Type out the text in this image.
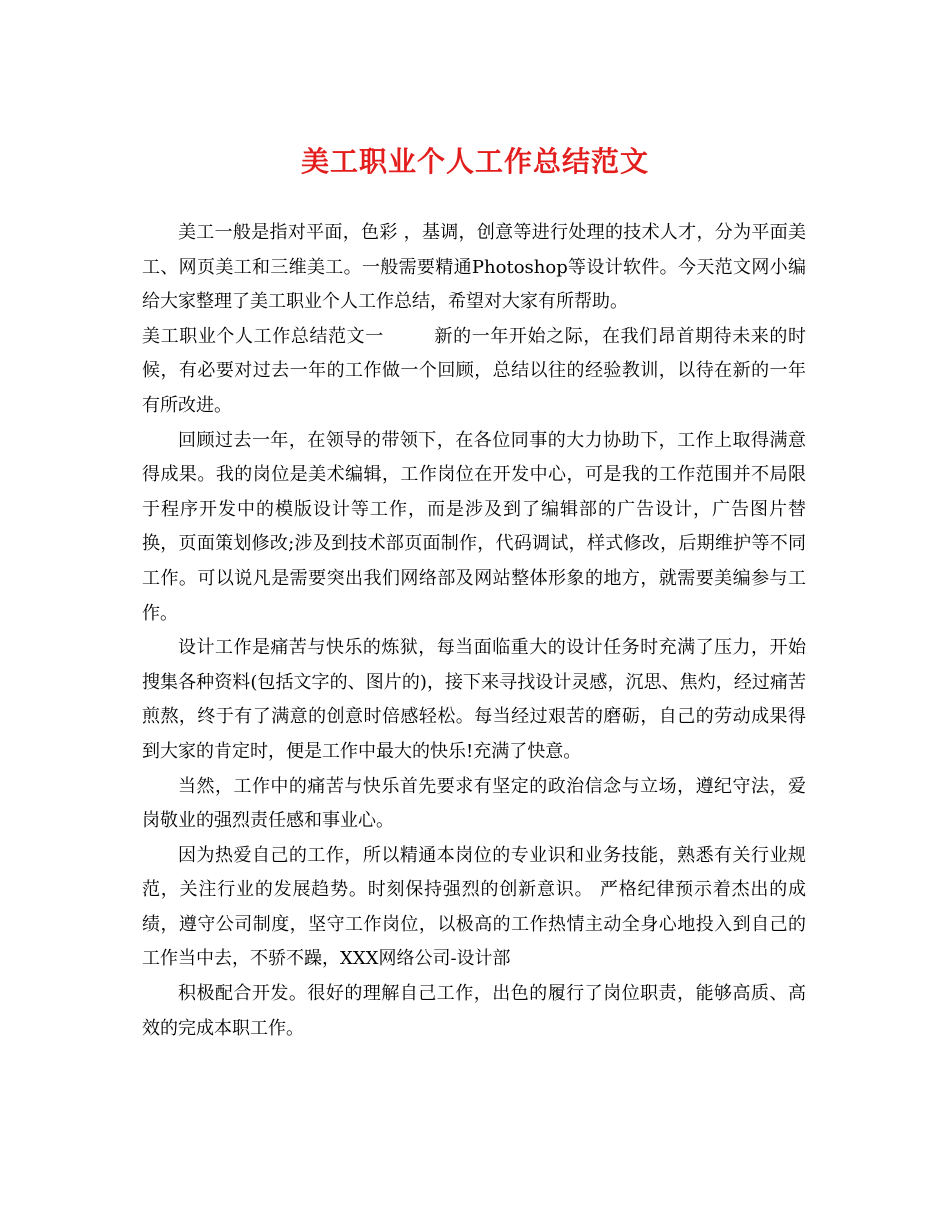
美工职业个人工作总结范文

美工一般是指对平面，色彩 ，基调，创意等进行处理的技术人才，分为平面美工、网页美工和三维美工。一般需要精通Photoshop等设计软件。今天范文网小编给大家整理了美工职业个人工作总结，希望对大家有所帮助。

美工职业个人工作总结范文一	新的一年开始之际，在我们昂首期待未来的时候，有必要对过去一年的工作做一个回顾，总结以往的经验教训，以待在新的一年有所改进。

回顾过去一年，在领导的带领下，在各位同事的大力协助下，工作上取得满意得成果。我的岗位是美术编辑，工作岗位在开发中心，可是我的工作范围并不局限于程序开发中的模版设计等工作，而是涉及到了编辑部的广告设计，广告图片替换，页面策划修改;涉及到技术部页面制作，代码调试，样式修改，后期维护等不同工作。可以说凡是需要突出我们网络部及网站整体形象的地方，就需要美编参与工作。

设计工作是痛苦与快乐的炼狱，每当面临重大的设计任务时充满了压力，开始搜集各种资料(包括文字的、图片的)，接下来寻找设计灵感，沉思、焦灼，经过痛苦煎熬，终于有了满意的创意时倍感轻松。每当经过艰苦的磨砺，自己的劳动成果得到大家的肯定时，便是工作中最大的快乐!充满了快意。

当然，工作中的痛苦与快乐首先要求有坚定的政治信念与立场，遵纪守法，爱岗敬业的强烈责任感和事业心。

因为热爱自己的工作，所以精通本岗位的专业识和业务技能，熟悉有关行业规范，关注行业的发展趋势。时刻保持强烈的创新意识。 严格纪律预示着杰出的成绩，遵守公司制度，坚守工作岗位，以极高的工作热情主动全身心地投入到自己的工作当中去，不骄不躁，XXX网络公司-设计部

积极配合开发。很好的理解自己工作，出色的履行了岗位职责，能够高质、高效的完成本职工作。
